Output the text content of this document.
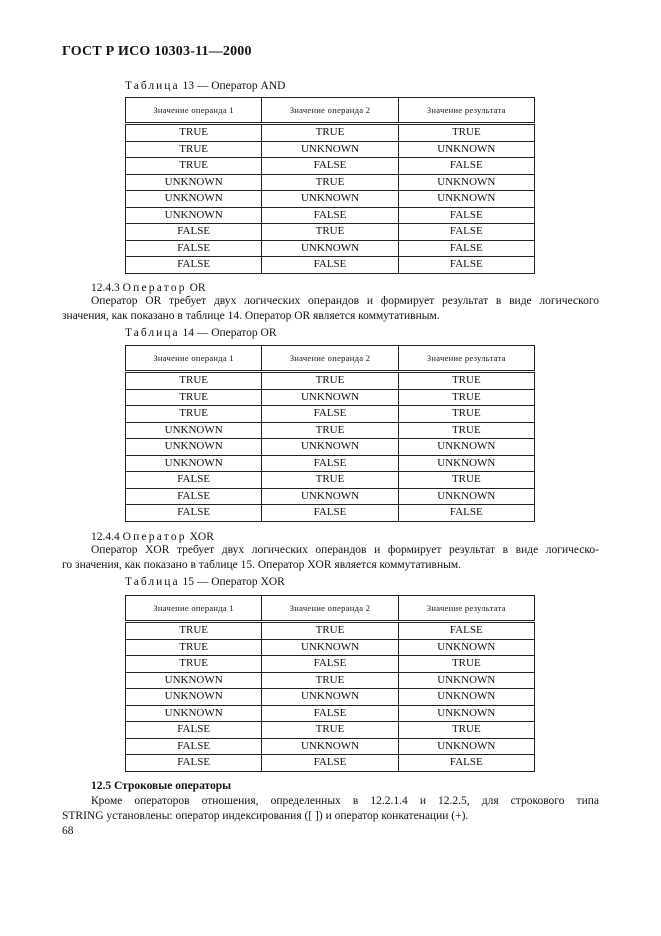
ГОСТ Р ИСО 10303-11—2000
Таблица 13 — Оператор AND
Значение операнда 1	Значение операнда 2	Значение результата
TRUE	TRUE	TRUE
TRUE	UNKNOWN	UNKNOWN
TRUE	FALSE	FALSE
UNKNOWN	TRUE	UNKNOWN
UNKNOWN	UNKNOWN	UNKNOWN
UNKNOWN	FALSE	FALSE
FALSE	TRUE	FALSE
FALSE	UNKNOWN	FALSE
FALSE	FALSE	FALSE
12.4.3 Оператор OR
Оператор OR требует двух логических операндов и формирует результат в виде логического
значения, как показано в таблице 14. Оператор OR является коммутативным.
Таблица 14 — Оператор OR
Значение операнда 1	Значение операнда 2	Значение результата
TRUE	TRUE	TRUE
TRUE	UNKNOWN	TRUE
TRUE	FALSE	TRUE
UNKNOWN	TRUE	TRUE
UNKNOWN	UNKNOWN	UNKNOWN
UNKNOWN	FALSE	UNKNOWN
FALSE	TRUE	TRUE
FALSE	UNKNOWN	UNKNOWN
FALSE	FALSE	FALSE
12.4.4 Оператор XOR
Оператор XOR требует двух логических операндов и формирует результат в виде логическо-
го значения, как показано в таблице 15. Оператор XOR является коммутативным.
Таблица 15 — Оператор XOR
Значение операнда 1	Значение операнда 2	Значение результата
TRUE	TRUE	FALSE
TRUE	UNKNOWN	UNKNOWN
TRUE	FALSE	TRUE
UNKNOWN	TRUE	UNKNOWN
UNKNOWN	UNKNOWN	UNKNOWN
UNKNOWN	FALSE	UNKNOWN
FALSE	TRUE	TRUE
FALSE	UNKNOWN	UNKNOWN
FALSE	FALSE	FALSE
12.5 Строковые операторы
Кроме операторов отношения, определенных в 12.2.1.4 и 12.2.5, для строкового типа
STRING установлены: оператор индексирования ([ ]) и оператор конкатенации (+).
68
